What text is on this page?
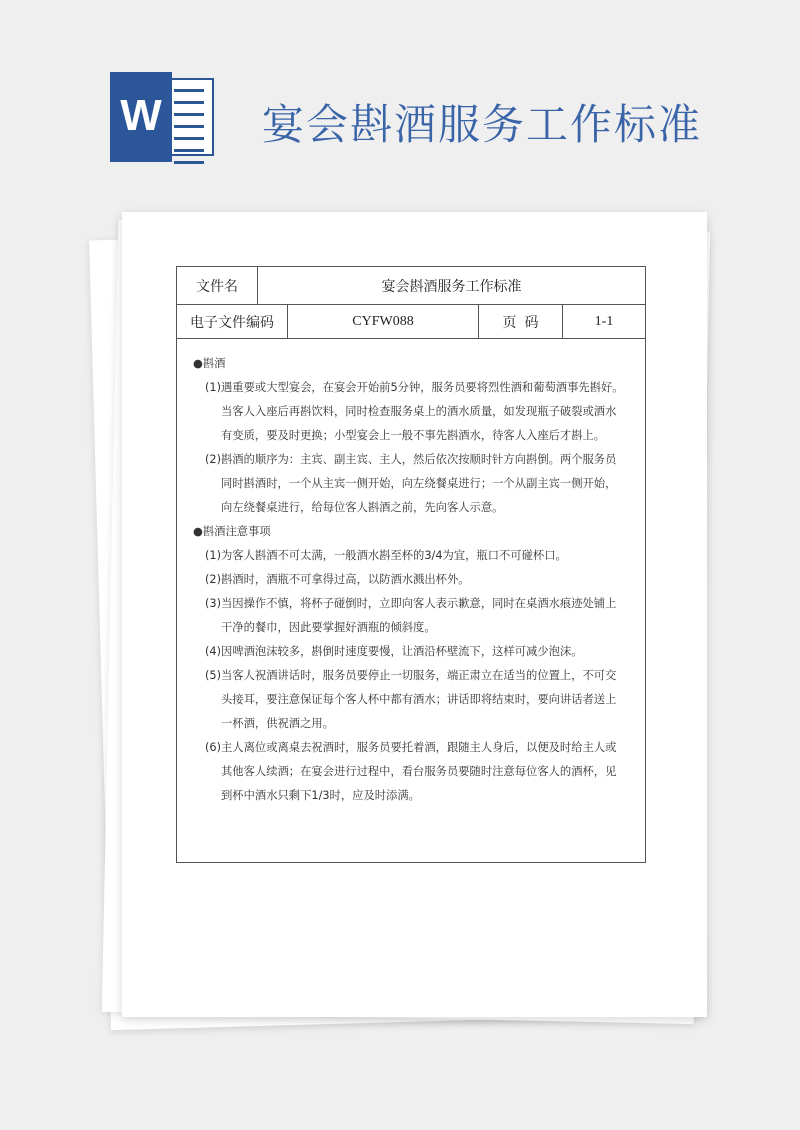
W 宴会斟酒服务工作标准
文件名	宴会斟酒服务工作标准
电子文件编码	CYFW088	页码	1-1
●斟酒
(1)遇重要或大型宴会，在宴会开始前5分钟，服务员要将烈性酒和葡萄酒事先斟好。
当客人入座后再斟饮料，同时检查服务桌上的酒水质量，如发现瓶子破裂或酒水
有变质，要及时更换；小型宴会上一般不事先斟酒水，待客人入座后才斟上。
(2)斟酒的顺序为：主宾、副主宾、主人，然后依次按顺时针方向斟倒。两个服务员
同时斟酒时，一个从主宾一侧开始，向左绕餐桌进行；一个从副主宾一侧开始，
向左绕餐桌进行，给每位客人斟酒之前，先向客人示意。
●斟酒注意事项
(1)为客人斟酒不可太满，一般酒水斟至杯的3/4为宜，瓶口不可碰杯口。
(2)斟酒时，酒瓶不可拿得过高，以防酒水溅出杯外。
(3)当因操作不慎，将杯子碰倒时，立即向客人表示歉意，同时在桌酒水痕迹处铺上
干净的餐巾，因此要掌握好酒瓶的倾斜度。
(4)因啤酒泡沫较多，斟倒时速度要慢，让酒沿杯壁流下，这样可减少泡沫。
(5)当客人祝酒讲话时，服务员要停止一切服务，端正肃立在适当的位置上，不可交
头接耳，要注意保证每个客人杯中都有酒水；讲话即将结束时，要向讲话者送上
一杯酒，供祝酒之用。
(6)主人离位或离桌去祝酒时，服务员要托着酒，跟随主人身后，以便及时给主人或
其他客人续酒；在宴会进行过程中，看台服务员要随时注意每位客人的酒杯，见
到杯中酒水只剩下1/3时，应及时添满。
